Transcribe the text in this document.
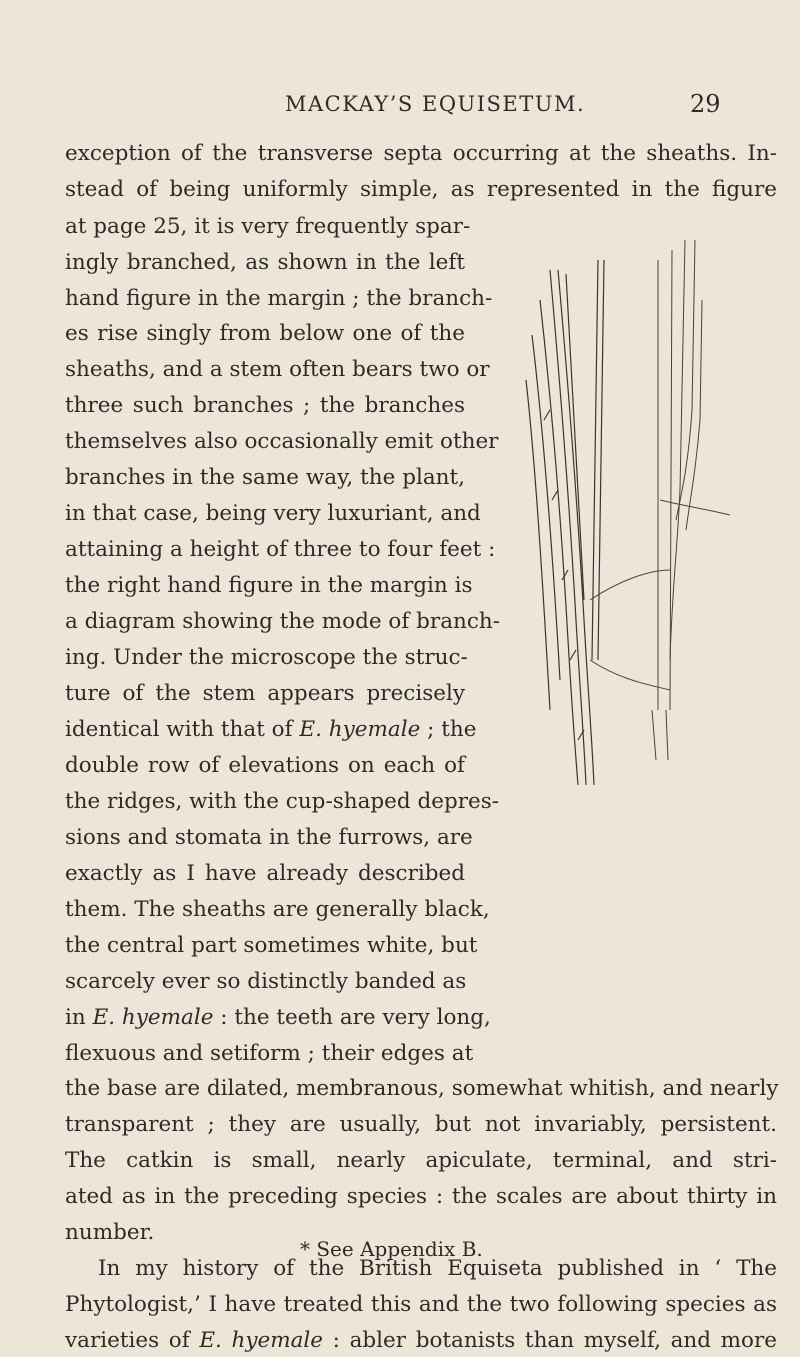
MACKAY’S EQUISETUM.	29
exception of the transverse septa occurring at the sheaths. In-
stead of being uniformly simple, as represented in the figure
at page 25, it is very frequently spar-
ingly branched, as shown in the left
hand figure in the margin ; the branch-
es rise singly from below one of the
sheaths, and a stem often bears two or
three such branches ; the branches
themselves also occasionally emit other
branches in the same way, the plant,
in that case, being very luxuriant, and
attaining a height of three to four feet :
the right hand figure in the margin is
a diagram showing the mode of branch-
ing. Under the microscope the struc-
ture of the stem appears precisely
identical with that of E. hyemale ; the
double row of elevations on each of
the ridges, with the cup-shaped depres-
sions and stomata in the furrows, are
exactly as I have already described
them. The sheaths are generally black,
the central part sometimes white, but
scarcely ever so distinctly banded as
in E. hyemale : the teeth are very long,
flexuous and setiform ; their edges at
the base are dilated, membranous, somewhat whitish, and nearly
transparent ; they are usually, but not invariably, persistent.
The catkin is small, nearly apiculate, terminal, and stri-
ated as in the preceding species : the scales are about thirty in
number.
In my history of the British Equiseta published in ‘ The
Phytologist,’ I have treated this and the two following species as
varieties of E. hyemale : abler botanists than myself, and more
* See Appendix B.
